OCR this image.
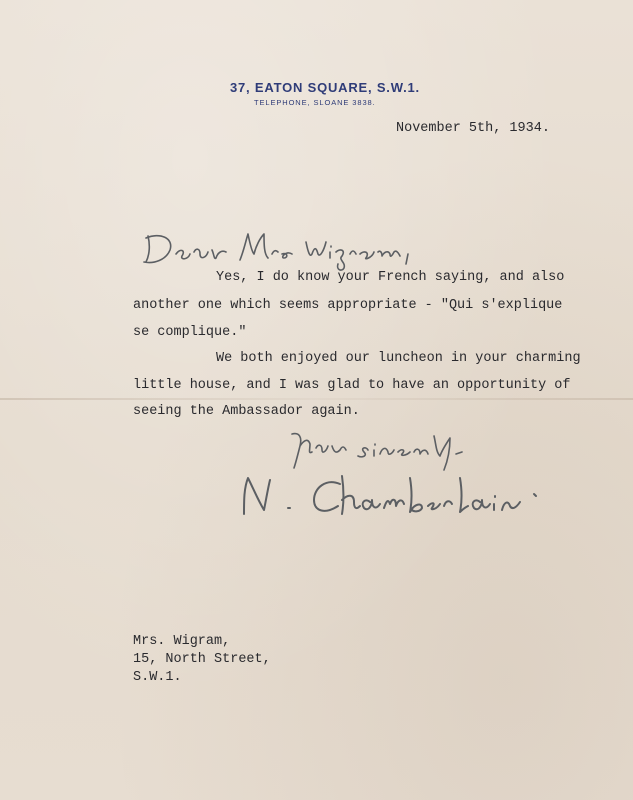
37, EATON SQUARE, S.W.1.
TELEPHONE, SLOANE 3838.
November 5th, 1934.
Yes, I do know your French saying, and also
another one which seems appropriate - "Qui s'explique
se complique."
We both enjoyed our luncheon in your charming
little house, and I was glad to have an opportunity of
seeing the Ambassador again.
Mrs. Wigram,
15, North Street,
S.W.1.
